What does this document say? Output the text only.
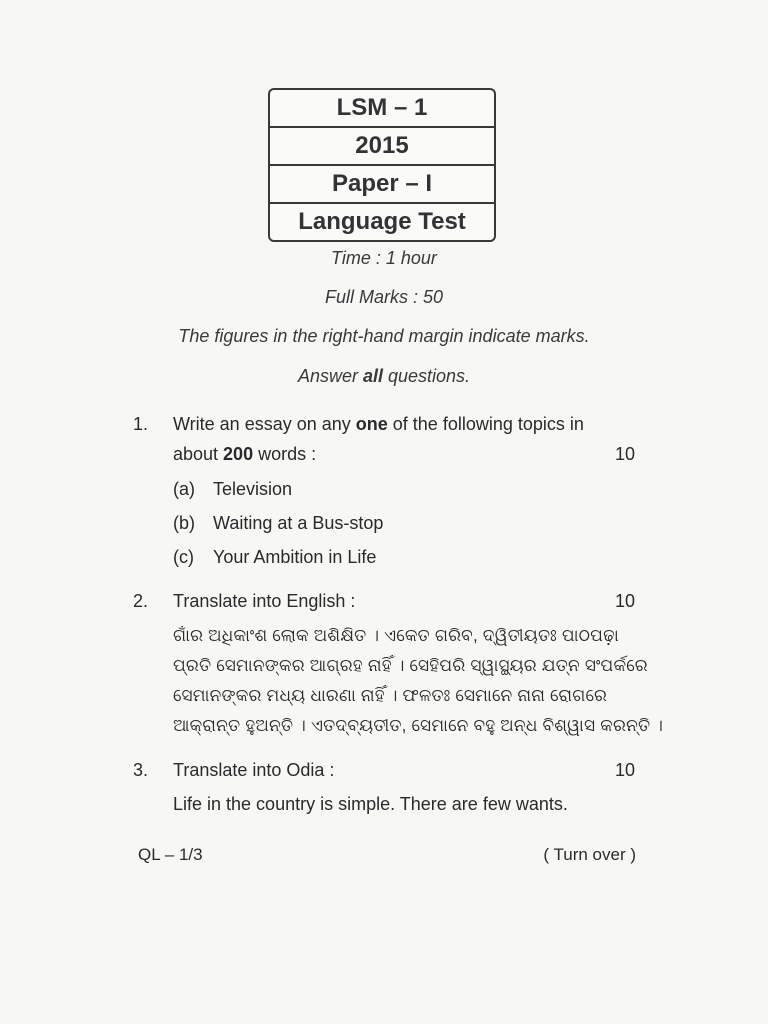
LSM – 1
2015
Paper – I
Language Test
Time : 1 hour
Full Marks : 50
The figures in the right-hand margin indicate marks.
Answer all questions.
1. Write an essay on any one of the following topics in
about 200 words :	10
(a) Television
(b) Waiting at a Bus-stop
(c) Your Ambition in Life
2. Translate into English :	10
ଗାଁର ଅଧିକାଂଶ ଲୋକ ଅଶିକ୍ଷିତ । ଏକେତ ଗରିବ, ଦ୍ୱିତୀୟତଃ ପାଠପଢ଼ା
ପ୍ରତି ସେମାନଙ୍କର ଆଗ୍ରହ ନାହିଁ । ସେହିପରି ସ୍ୱାସ୍ଥ୍ୟର ଯତ୍ନ ସଂପର୍କରେ
ସେମାନଙ୍କର ମଧ୍ୟ ଧାରଣା ନାହିଁ । ଫଳତଃ ସେମାନେ ନାନା ରୋଗରେ
ଆକ୍ରାନ୍ତ ହୁଅନ୍ତି । ଏତଦ୍‌ବ୍ୟତୀତ, ସେମାନେ ବହୁ ଅନ୍ଧ ବିଶ୍ୱାସ କରନ୍ତି ।
3. Translate into Odia :	10
Life in the country is simple. There are few wants.
QL – 1/3	( Turn over )
